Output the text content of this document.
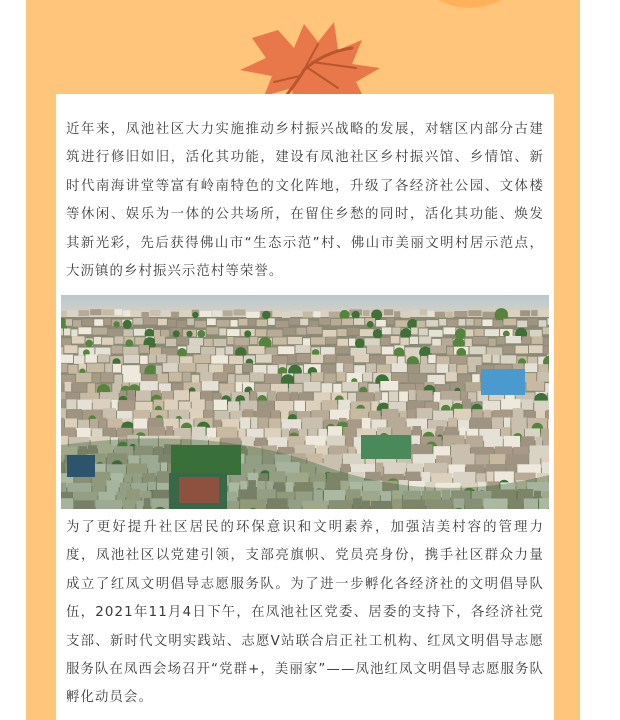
近年来，凤池社区大力实施推动乡村振兴战略的发展，对辖区内部分古建筑进行修旧如旧，活化其功能，建设有凤池社区乡村振兴馆、乡情馆、新时代南海讲堂等富有岭南特色的文化阵地，升级了各经济社公园、文体楼等休闲、娱乐为一体的公共场所，在留住乡愁的同时，活化其功能、焕发其新光彩，先后获得佛山市“生态示范”村、佛山市美丽文明村居示范点，大沥镇的乡村振兴示范村等荣誉。

为了更好提升社区居民的环保意识和文明素养，加强洁美村容的管理力度，凤池社区以党建引领，支部亮旗帜、党员亮身份，携手社区群众力量成立了红凤文明倡导志愿服务队。为了进一步孵化各经济社的文明倡导队伍，2021年11月4日下午，在凤池社区党委、居委的支持下，各经济社党支部、新时代文明实践站、志愿V站联合启正社工机构、红凤文明倡导志愿服务队在凤西会场召开“党群+，美丽家”——凤池红凤文明倡导志愿服务队孵化动员会。
